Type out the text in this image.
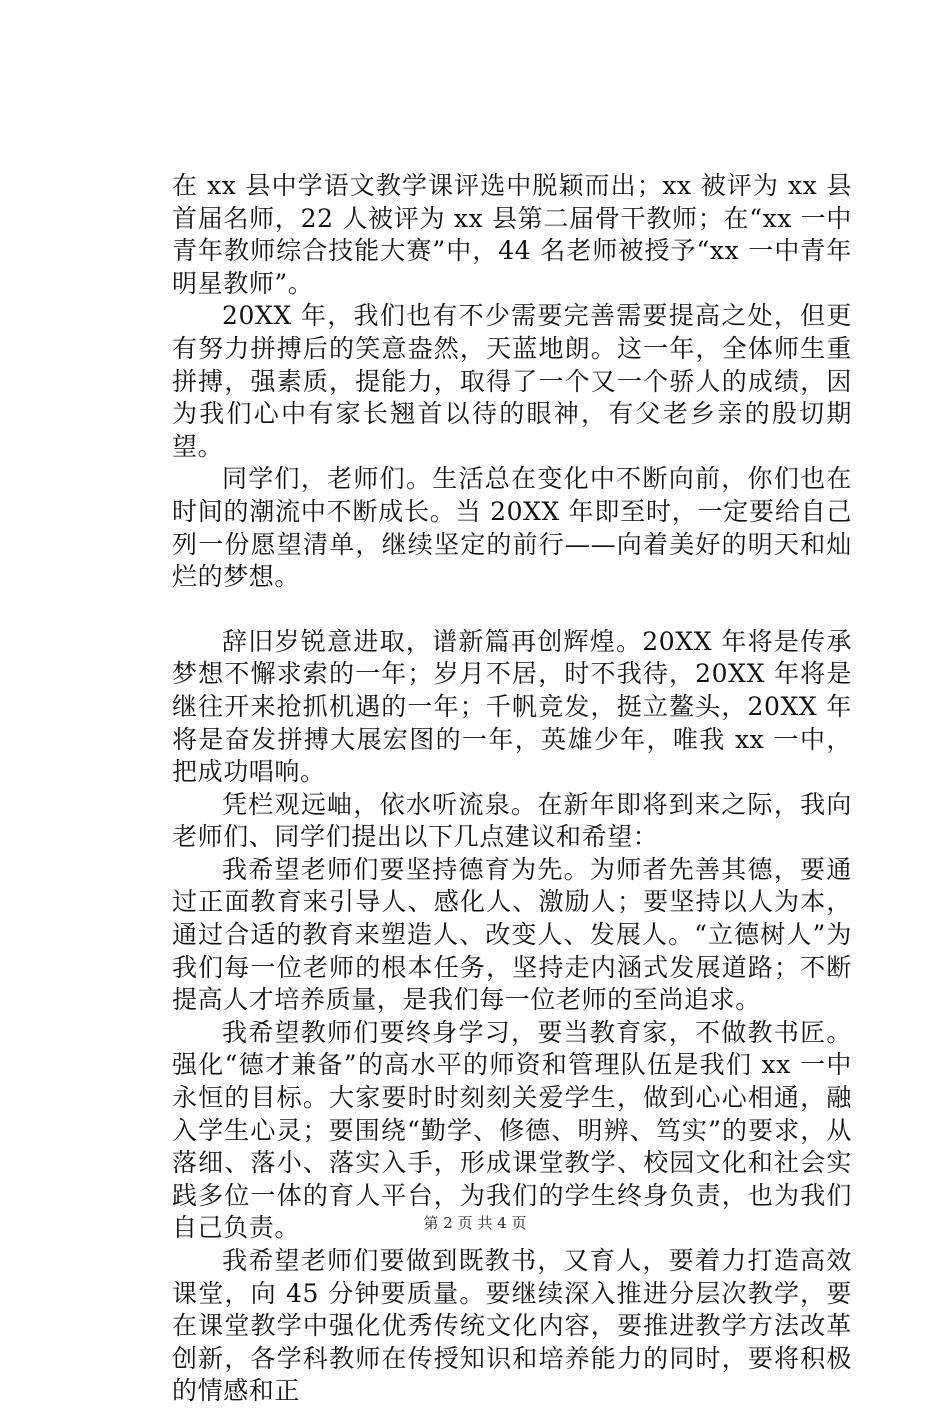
在 xx 县中学语文教学课评选中脱颖而出；xx 被评为 xx 县首届名师，22 人被评为 xx 县第二届骨干教师；在“xx 一中青年教师综合技能大赛”中，44 名老师被授予“xx 一中青年明星教师”。

20XX 年，我们也有不少需要完善需要提高之处，但更有努力拼搏后的笑意盎然，天蓝地朗。这一年，全体师生重拼搏，强素质，提能力，取得了一个又一个骄人的成绩，因为我们心中有家长翘首以待的眼神，有父老乡亲的殷切期望。

同学们，老师们。生活总在变化中不断向前，你们也在时间的潮流中不断成长。当 20XX 年即至时，一定要给自己列一份愿望清单，继续坚定的前行——向着美好的明天和灿烂的梦想。

辞旧岁锐意进取，谱新篇再创辉煌。20XX 年将是传承梦想不懈求索的一年；岁月不居，时不我待，20XX 年将是继往开来抢抓机遇的一年；千帆竞发，挺立鳌头，20XX 年将是奋发拼搏大展宏图的一年，英雄少年，唯我 xx 一中，把成功唱响。

凭栏观远岫，依水听流泉。在新年即将到来之际，我向老师们、同学们提出以下几点建议和希望：

我希望老师们要坚持德育为先。为师者先善其德，要通过正面教育来引导人、感化人、激励人；要坚持以人为本，通过合适的教育来塑造人、改变人、发展人。“立德树人”为我们每一位老师的根本任务，坚持走内涵式发展道路；不断提高人才培养质量，是我们每一位老师的至尚追求。

我希望教师们要终身学习，要当教育家，不做教书匠。强化“德才兼备”的高水平的师资和管理队伍是我们 xx 一中永恒的目标。大家要时时刻刻关爱学生，做到心心相通，融入学生心灵；要围绕“勤学、修德、明辨、笃实”的要求，从落细、落小、落实入手，形成课堂教学、校园文化和社会实践多位一体的育人平台，为我们的学生终身负责，也为我们自己负责。

我希望老师们要做到既教书，又育人，要着力打造高效课堂，向 45 分钟要质量。要继续深入推进分层次教学，要在课堂教学中强化优秀传统文化内容，要推进教学方法改革创新，各学科教师在传授知识和培养能力的同时，要将积极的情感和正

第 2 页 共 4 页
